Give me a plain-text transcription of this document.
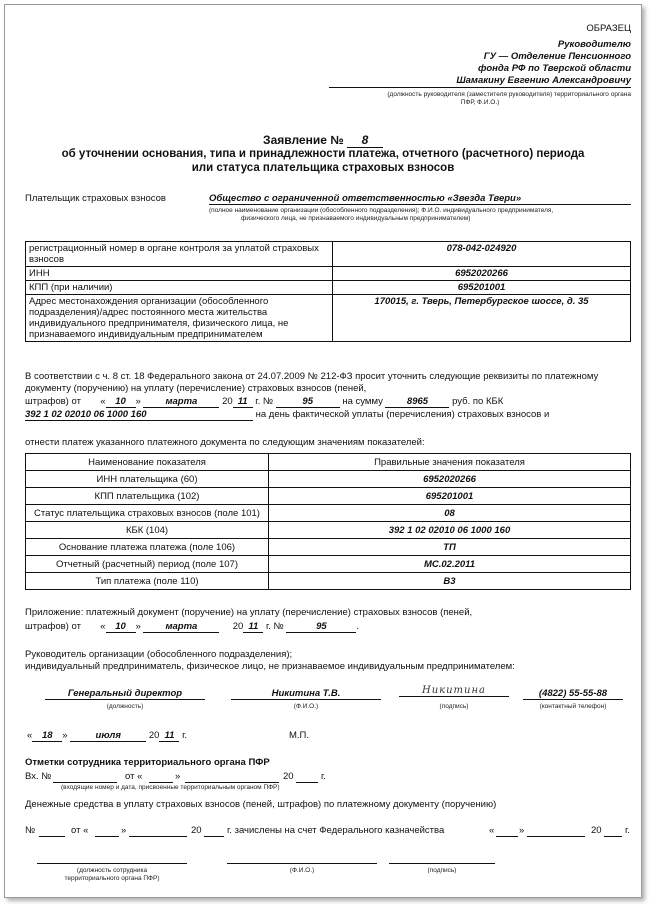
ОБРАЗЕЦ
Руководителю
ГУ — Отделение Пенсионного
фонда РФ по Тверской области
Шамакину Евгению Александровичу
(должность руководителя (заместителя руководителя) территориального органа
ПФР, Ф.И.О.)
Заявление № 8
об уточнении основания, типа и принадлежности платежа, отчетного (расчетного) периода
или статуса плательщика страховых взносов
Плательщик страховых взносов	Общество с ограниченной ответственностью «Звезда Твери»
(полное наименование организации (обособленного подразделения); Ф.И.О. индивидуального предпринимателя,
физического лица, не признаваемого индивидуальным предпринимателем)
регистрационный номер в органе контроля за уплатой страховых взносов	078-042-024920
ИНН	6952020266
КПП (при наличии)	695201001
Адрес местонахождения организации (обособленного подразделения)/адрес постоянного места жительства индивидуального предпринимателя, физического лица, не признаваемого индивидуальным предпринимателем	170015, г. Тверь, Петербургское шоссе, д. 35
В соответствии с ч. 8 ст. 18 Федерального закона от 24.07.2009 № 212-ФЗ просит уточнить следующие реквизиты по платежному
документу (поручению) на уплату (перечисление) страховых взносов (пеней,
штрафов) от « 10 »	марта	20 11 г. №	95	на сумму	8965	руб. по КБК
392 1 02 02010 06 1000 160	на день фактической уплаты (перечисления) страховых взносов и
отнести платеж указанного платежного документа по следующим значениям показателей:
Наименование показателя	Правильные значения показателя
ИНН плательщика (60)	6952020266
КПП плательщика (102)	695201001
Статус плательщика страховых взносов (поле 101)	08
КБК (104)	392 1 02 02010 06 1000 160
Основание платежа платежа (поле 106)	ТП
Отчетный (расчетный) период (поле 107)	МС.02.2011
Тип платежа (поле 110)	В3
Приложение: платежный документ (поручение) на уплату (перечисление) страховых взносов (пеней,
штрафов) от « 10 »	марта	20 11 г. №	95	.
Руководитель организации (обособленного подразделения);
индивидуальный предприниматель, физическое лицо, не признаваемое индивидуальным предпринимателем:
Генеральный директор	Никитина Т.В.	Никитина	(4822) 55-55-88
(должность)	(Ф.И.О.)	(подпись)	(контактный телефон)
« 18 »	июля	20 11 г.	М.П.
Отметки сотрудника территориального органа ПФР
Вх. №	от «	»	20	г.
(входящие номер и дата, присвоенные территориальным органом ПФР)
Денежные средства в уплату страховых взносов (пеней, штрафов) по платежному документу (поручению)
№	от «	»	20	г. зачислены на счет Федерального казначейства	«	»	20 г.
(должность сотрудника
территориального органа ПФР)
(Ф.И.О.)	(подпись)
